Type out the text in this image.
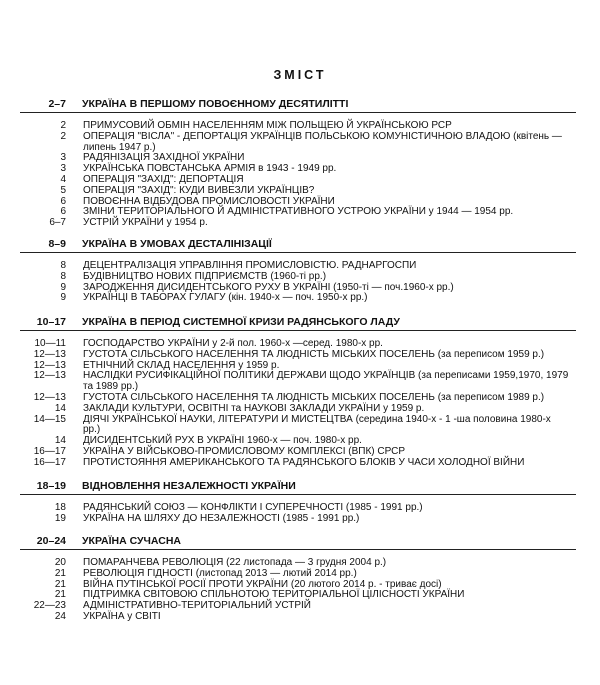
ЗМІСТ
2–7 УКРАЇНА В ПЕРШОМУ ПОВОЄННОМУ ДЕСЯТИЛІТТІ
2 ПРИМУСОВИЙ ОБМІН НАСЕЛЕННЯМ МІЖ ПОЛЬЩЕЮ Й УКРАЇНСЬКОЮ РСР
2 ОПЕРАЦІЯ "ВІСЛА" - ДЕПОРТАЦІЯ УКРАЇНЦІВ ПОЛЬСЬКОЮ КОМУНІСТИЧНОЮ ВЛАДОЮ (квітень — липень 1947 р.)
3 РАДЯНІЗАЦІЯ ЗАХІДНОЇ УКРАЇНИ
3 УКРАЇНСЬКА ПОВСТАНСЬКА АРМІЯ в 1943 - 1949 рр.
4 ОПЕРАЦІЯ "ЗАХІД": ДЕПОРТАЦІЯ
5 ОПЕРАЦІЯ "ЗАХІД": КУДИ ВИВЕЗЛИ УКРАЇНЦІВ?
6 ПОВОЄННА ВІДБУДОВА ПРОМИСЛОВОСТІ УКРАЇНИ
6 ЗМІНИ ТЕРИТОРІАЛЬНОГО Й АДМІНІСТРАТИВНОГО УСТРОЮ УКРАЇНИ у 1944 — 1954 рр.
6–7 УСТРІЙ УКРАЇНИ у 1954 р.
8–9 УКРАЇНА В УМОВАХ ДЕСТАЛІНІЗАЦІЇ
8 ДЕЦЕНТРАЛІЗАЦІЯ УПРАВЛІННЯ ПРОМИСЛОВІСТЮ. РАДНАРГОСПИ
8 БУДІВНИЦТВО НОВИХ ПІДПРИЄМСТВ (1960-ті рр.)
9 ЗАРОДЖЕННЯ ДИСИДЕНТСЬКОГО РУХУ В УКРАЇНІ (1950-ті — поч.1960-х рр.)
9 УКРАЇНЦІ В ТАБОРАХ ГУЛАГУ (кін. 1940-х — поч. 1950-х рр.)
10–17 УКРАЇНА В ПЕРІОД СИСТЕМНОЇ КРИЗИ РАДЯНСЬКОГО ЛАДУ
10—11 ГОСПОДАРСТВО УКРАЇНИ у 2-й пол. 1960-х —серед. 1980-х рр.
12—13 ГУСТОТА СІЛЬСЬКОГО НАСЕЛЕННЯ ТА ЛЮДНІСТЬ МІСЬКИХ ПОСЕЛЕНЬ (за переписом 1959 р.)
12—13 ЕТНІЧНИЙ СКЛАД НАСЕЛЕННЯ у 1959 р.
12—13 НАСЛІДКИ РУСИФІКАЦІЙНОЇ ПОЛІТИКИ ДЕРЖАВИ ЩОДО УКРАЇНЦІВ (за переписами 1959,1970, 1979 та 1989 рр.)
12—13 ГУСТОТА СІЛЬСЬКОГО НАСЕЛЕННЯ ТА ЛЮДНІСТЬ МІСЬКИХ ПОСЕЛЕНЬ (за переписом 1989 р.)
14 ЗАКЛАДИ КУЛЬТУРИ, ОСВІТНІ та НАУКОВІ ЗАКЛАДИ УКРАЇНИ у 1959 р.
14—15 ДІЯЧІ УКРАЇНСЬКОЇ НАУКИ, ЛІТЕРАТУРИ И МИСТЕЦТВА (середина 1940-х - 1 -ша половина 1980-х рр.)
14 ДИСИДЕНТСЬКИЙ РУХ В УКРАЇНІ 1960-х — поч. 1980-х рр.
16—17 УКРАЇНА У ВІЙСЬКОВО-ПРОМИСЛОВОМУ КОМПЛЕКСІ (ВПК) СРСР
16—17 ПРОТИСТОЯННЯ АМЕРИКАНСЬКОГО ТА РАДЯНСЬКОГО БЛОКІВ У ЧАСИ ХОЛОДНОЇ ВІЙНИ
18–19 ВІДНОВЛЕННЯ НЕЗАЛЕЖНОСТІ УКРАЇНИ
18 РАДЯНСЬКИЙ СОЮЗ — КОНФЛІКТИ І СУПЕРЕЧНОСТІ (1985 - 1991 рр.)
19 УКРАЇНА НА ШЛЯХУ ДО НЕЗАЛЕЖНОСТІ (1985 - 1991 рр.)
20–24 УКРАЇНА СУЧАСНА
20 ПОМАРАНЧЕВА РЕВОЛЮЦІЯ (22 листопада — 3 грудня 2004 р.)
21 РЕВОЛЮЦІЯ ГІДНОСТІ (листопад 2013 — лютий 2014 рр.)
21 ВІЙНА ПУТІНСЬКОЇ РОСІЇ ПРОТИ УКРАЇНИ (20 лютого 2014 р. - триває досі)
21 ПІДТРИМКА СВІТОВОЮ СПІЛЬНОТОЮ ТЕРИТОРІАЛЬНОЇ ЦІЛІСНОСТІ УКРАЇНИ
22—23 АДМІНІСТРАТИВНО-ТЕРИТОРІАЛЬНИЙ УСТРІЙ
24 УКРАЇНА у СВІТІ
